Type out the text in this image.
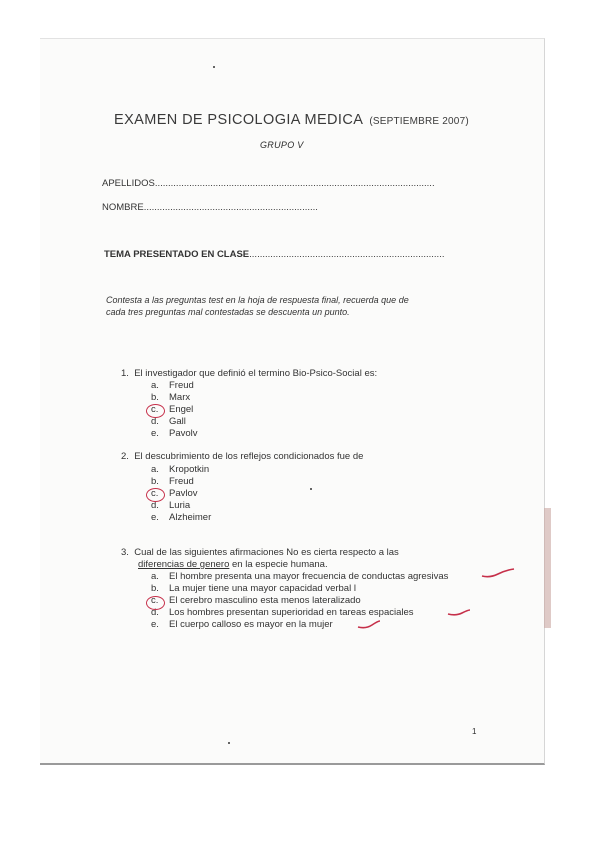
EXAMEN DE PSICOLOGIA MEDICA (SEPTIEMBRE 2007)
GRUPO V
APELLIDOS..........................................................................................................
NOMBRE..................................................................
TEMA PRESENTADO EN CLASE..........................................................................
Contesta a las preguntas test en la hoja de respuesta final, recuerda que de
cada tres preguntas mal contestadas se descuenta un punto.
1. El investigador que definió el termino Bio-Psico-Social es:
a. Freud
b. Marx
c. Engel
d. Gall
e. Pavolv
2. El descubrimiento de los reflejos condicionados fue de
a. Kropotkin
b. Freud
c. Pavlov
d. Luria
e. Alzheimer
3. Cual de las siguientes afirmaciones No es cierta respecto a las
diferencias de genero en la especie humana.
a. El hombre presenta una mayor frecuencia de conductas agresivas
b. La mujer tiene una mayor capacidad verbal l
c. El cerebro masculino esta menos lateralizado
d. Los hombres presentan superioridad en tareas espaciales
e. El cuerpo calloso es mayor en la mujer
1
